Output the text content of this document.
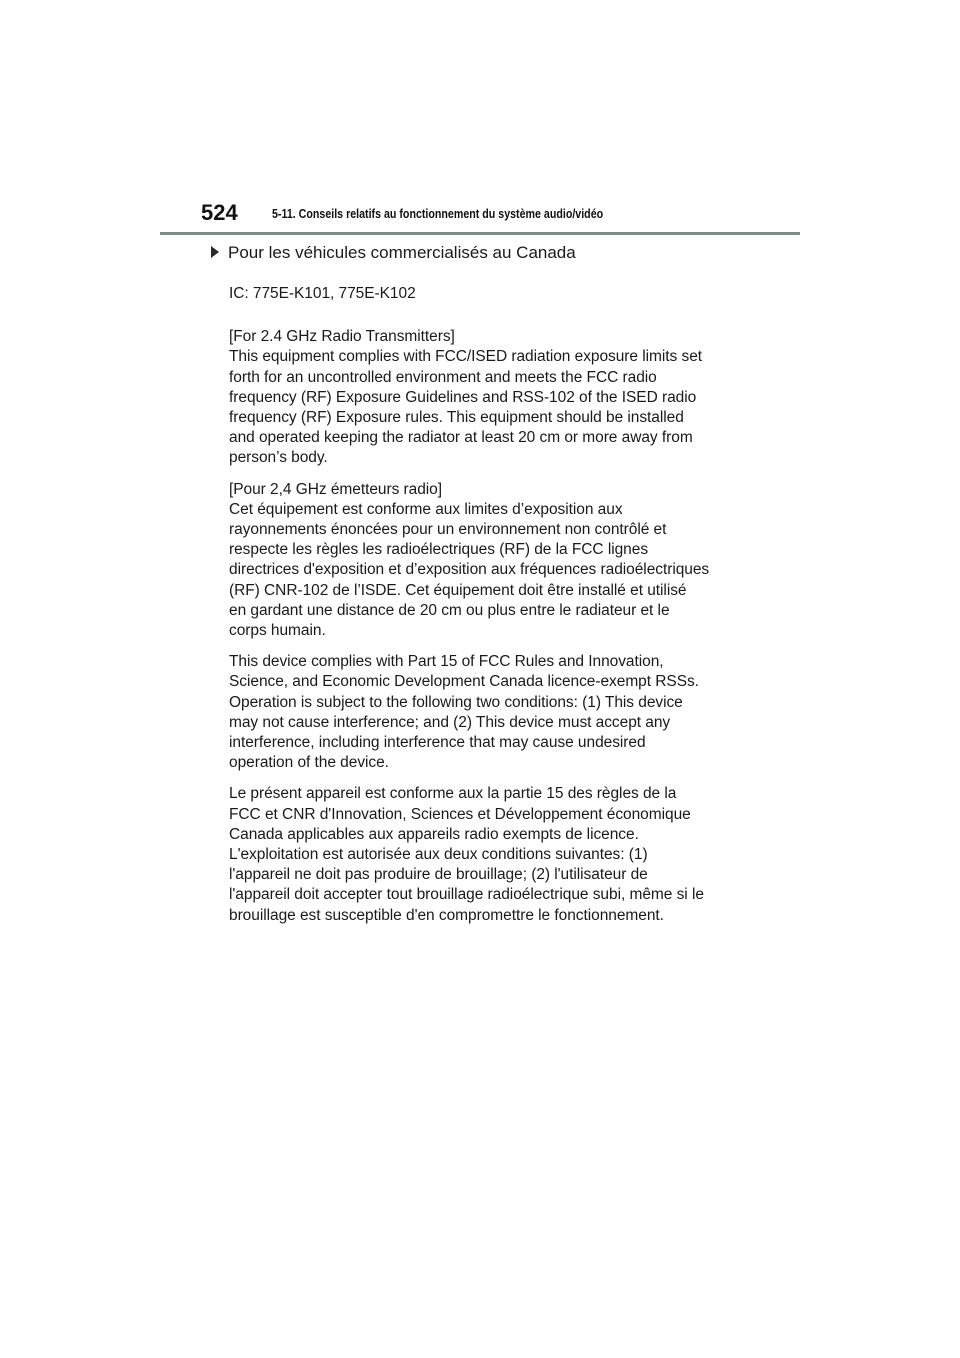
524	5-11. Conseils relatifs au fonctionnement du système audio/vidéo
Pour les véhicules commercialisés au Canada
IC: 775E-K101, 775E-K102
[For 2.4 GHz Radio Transmitters]
This equipment complies with FCC/ISED radiation exposure limits set
forth for an uncontrolled environment and meets the FCC radio
frequency (RF) Exposure Guidelines and RSS-102 of the ISED radio
frequency (RF) Exposure rules. This equipment should be installed
and operated keeping the radiator at least 20 cm or more away from
person’s body.
[Pour 2,4 GHz émetteurs radio]
Cet équipement est conforme aux limites d’exposition aux
rayonnements énoncées pour un environnement non contrôlé et
respecte les règles les radioélectriques (RF) de la FCC lignes
directrices d'exposition et d’exposition aux fréquences radioélectriques
(RF) CNR-102 de l’ISDE. Cet équipement doit être installé et utilisé
en gardant une distance de 20 cm ou plus entre le radiateur et le
corps humain.
This device complies with Part 15 of FCC Rules and Innovation,
Science, and Economic Development Canada licence-exempt RSSs.
Operation is subject to the following two conditions: (1) This device
may not cause interference; and (2) This device must accept any
interference, including interference that may cause undesired
operation of the device.
Le présent appareil est conforme aux la partie 15 des règles de la
FCC et CNR d'Innovation, Sciences et Développement économique
Canada applicables aux appareils radio exempts de licence.
L'exploitation est autorisée aux deux conditions suivantes: (1)
l'appareil ne doit pas produire de brouillage; (2) l'utilisateur de
l'appareil doit accepter tout brouillage radioélectrique subi, même si le
brouillage est susceptible d'en compromettre le fonctionnement.
